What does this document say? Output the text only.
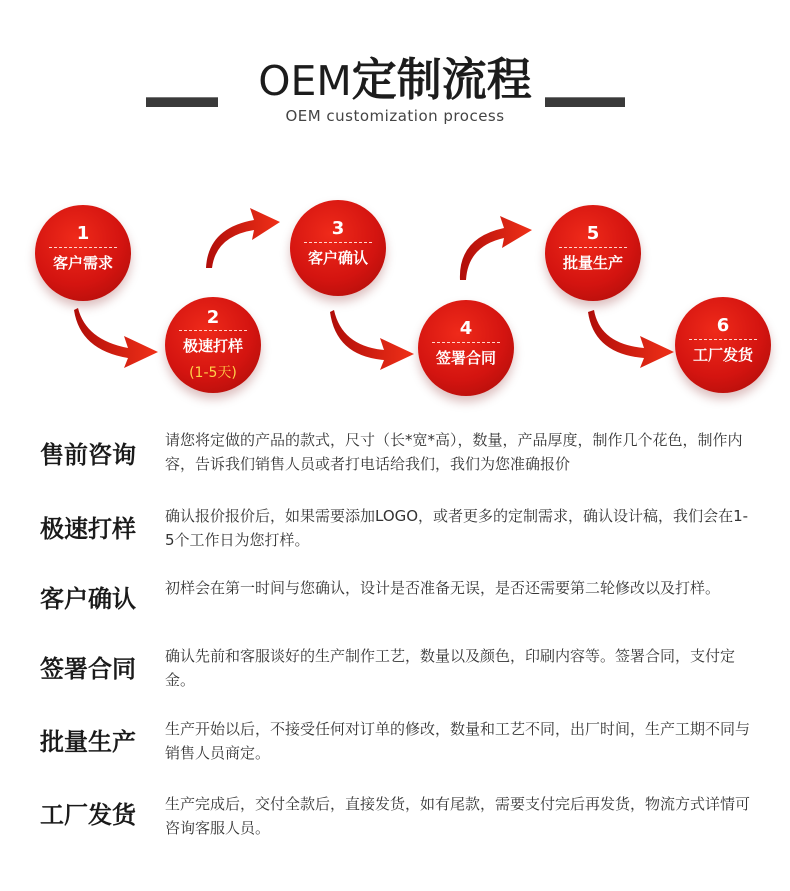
OEM定制流程
OEM customization process
1
客户需求
2
极速打样
(1-5天)
3
客户确认
4
签署合同
5
批量生产
6
工厂发货
售前咨询
请您将定做的产品的款式，尺寸（长*宽*高），数量，产品厚度，制作几个花色，制作内容，告诉我们销售人员或者打电话给我们，我们为您准确报价
极速打样 确认报价报价后，如果需要添加LOGO，或者更多的定制需求，确认设计稿，我们会在1-5个工作日为您打样。
客户确认 初样会在第一时间与您确认，设计是否准备无误，是否还需要第二轮修改以及打样。
签署合同 确认先前和客服谈好的生产制作工艺，数量以及颜色，印刷内容等。签署合同，支付定金。
批量生产 生产开始以后，不接受任何对订单的修改，数量和工艺不同，出厂时间，生产工期不同与销售人员商定。
工厂发货 生产完成后，交付全款后，直接发货，如有尾款，需要支付完后再发货，物流方式详情可咨询客服人员。
